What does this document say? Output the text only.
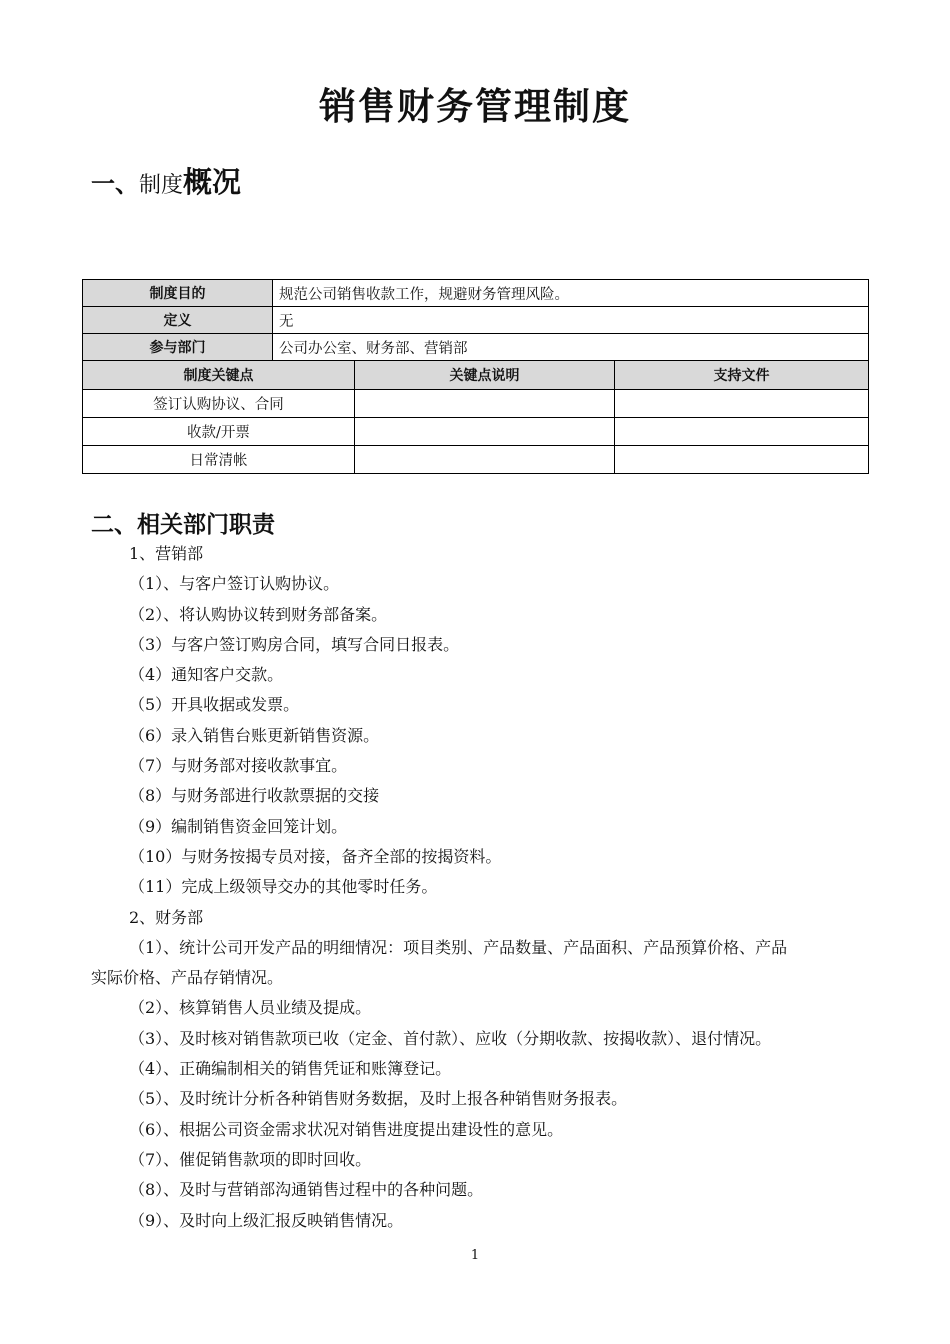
销售财务管理制度
一、制度概况
制度目的	规范公司销售收款工作，规避财务管理风险。		
定义	无		
参与部门	公司办公室、财务部、营销部		
制度关键点		关键点说明	支持文件
签订认购协议、合同			
收款/开票			
日常清帐			
二、相关部门职责
1、营销部
（1）、与客户签订认购协议。
（2）、将认购协议转到财务部备案。
（3）与客户签订购房合同，填写合同日报表。
（4）通知客户交款。
（5）开具收据或发票。
（6）录入销售台账更新销售资源。
（7）与财务部对接收款事宜。
（8）与财务部进行收款票据的交接
（9）编制销售资金回笼计划。
（10）与财务按揭专员对接，备齐全部的按揭资料。
（11）完成上级领导交办的其他零时任务。
2、财务部
（1）、统计公司开发产品的明细情况：项目类别、产品数量、产品面积、产品预算价格、产品
实际价格、产品存销情况。
（2）、核算销售人员业绩及提成。
（3）、及时核对销售款项已收（定金、首付款）、应收（分期收款、按揭收款）、退付情况。
（4）、正确编制相关的销售凭证和账簿登记。
（5）、及时统计分析各种销售财务数据，及时上报各种销售财务报表。
（6）、根据公司资金需求状况对销售进度提出建设性的意见。
（7）、催促销售款项的即时回收。
（8）、及时与营销部沟通销售过程中的各种问题。
（9）、及时向上级汇报反映销售情况。
1
